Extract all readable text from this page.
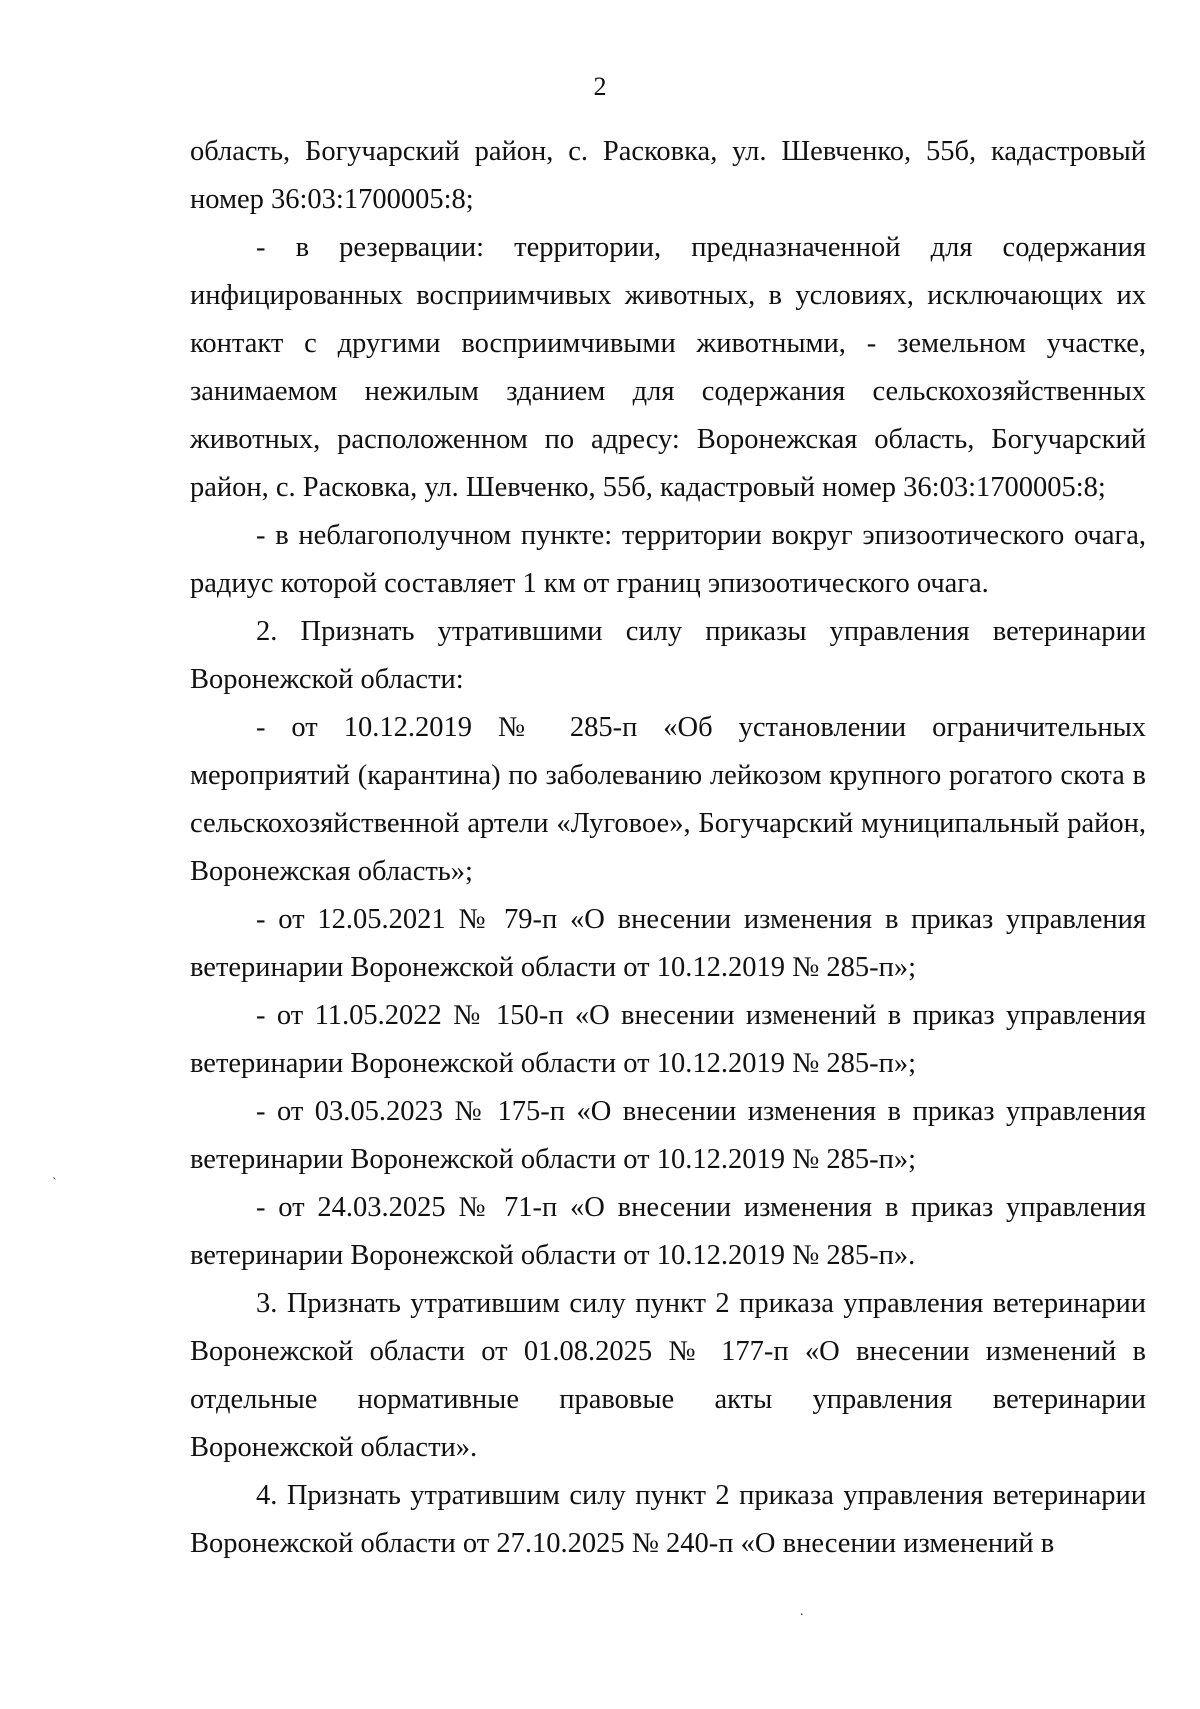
2

область, Богучарский район, с. Расковка, ул. Шевченко, 55б, кадастровый номер 36:03:1700005:8;

- в резервации: территории, предназначенной для содержания инфицированных восприимчивых животных, в условиях, исключающих их контакт с другими восприимчивыми животными, - земельном участке, занимаемом нежилым зданием для содержания сельскохозяйственных животных, расположенном по адресу: Воронежская область, Богучарский район, с. Расковка, ул. Шевченко, 55б, кадастровый номер 36:03:1700005:8;

- в неблагополучном пункте: территории вокруг эпизоотического очага, радиус которой составляет 1 км от границ эпизоотического очага.

2. Признать утратившими силу приказы управления ветеринарии Воронежской области:

- от 10.12.2019 № 285-п «Об установлении ограничительных мероприятий (карантина) по заболеванию лейкозом крупного рогатого скота в сельскохозяйственной артели «Луговое», Богучарский муниципальный район, Воронежская область»;

- от 12.05.2021 № 79-п «О внесении изменения в приказ управления ветеринарии Воронежской области от 10.12.2019 № 285-п»;

- от 11.05.2022 № 150-п «О внесении изменений в приказ управления ветеринарии Воронежской области от 10.12.2019 № 285-п»;

- от 03.05.2023 № 175-п «О внесении изменения в приказ управления ветеринарии Воронежской области от 10.12.2019 № 285-п»;

- от 24.03.2025 № 71-п «О внесении изменения в приказ управления ветеринарии Воронежской области от 10.12.2019 № 285-п».

3. Признать утратившим силу пункт 2 приказа управления ветеринарии Воронежской области от 01.08.2025 № 177-п «О внесении изменений в отдельные нормативные правовые акты управления ветеринарии Воронежской области».

4. Признать утратившим силу пункт 2 приказа управления ветеринарии Воронежской области от 27.10.2025 № 240-п «О внесении изменений в

`
.
